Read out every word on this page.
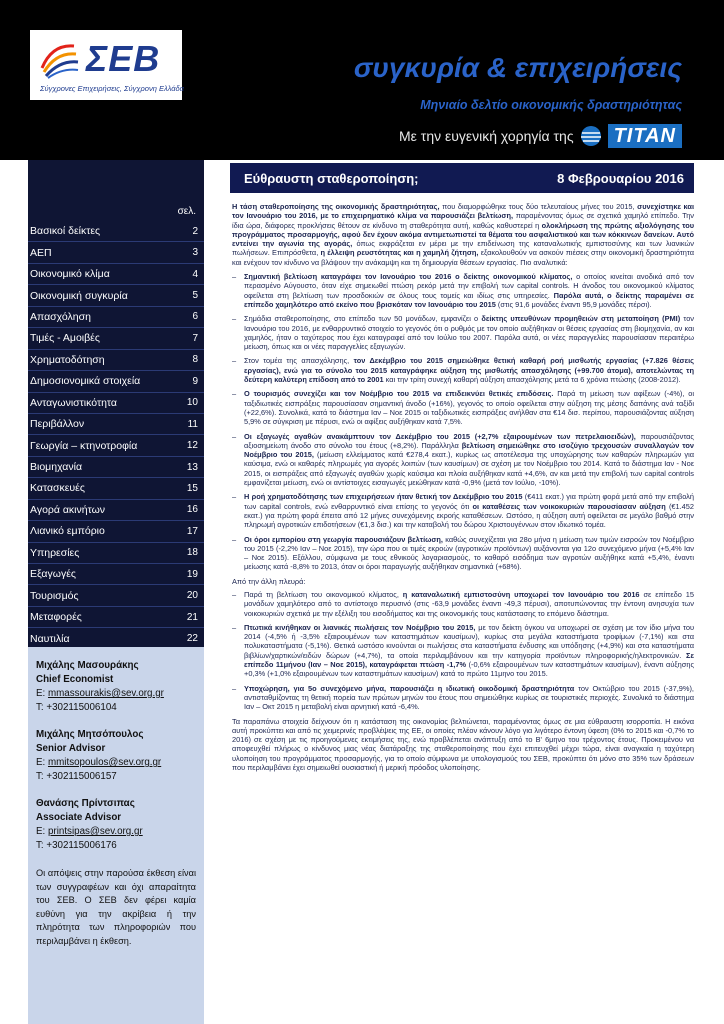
ΣΕΒ
Σύγχρονες Επιχειρήσεις, Σύγχρονη Ελλάδα
συγκυρία & επιχειρήσεις
Μηνιαίο δελτίο οικονομικής δραστηριότητας
Με την ευγενική χορηγία της	TITAN
σελ.
Βασικοί δείκτες	2
ΑΕΠ	3
Οικονομικό κλίμα	4
Οικονομική συγκυρία	5
Απασχόληση	6
Τιμές - Αμοιβές	7
Χρηματοδότηση	8
Δημοσιονομικά στοιχεία	9
Ανταγωνιστικότητα	10
Περιβάλλον	11
Γεωργία – κτηνοτροφία	12
Βιομηχανία	13
Κατασκευές	15
Αγορά ακινήτων	16
Λιανικό εμπόριο	17
Υπηρεσίες	18
Εξαγωγές	19
Τουρισμός	20
Μεταφορές	21
Ναυτιλία	22
Μιχάλης Μασουράκης
Chief Economist
E: mmassourakis@sev.org.gr
T: +302115006104
Μιχάλης Μητσόπουλος
Senior Advisor
E: mmitsopoulos@sev.org.gr
T: +302115006157
Θανάσης Πρίντσιπας
Associate Advisor
E: printsipas@sev.org.gr
T: +302115006176
Οι απόψεις στην παρούσα έκθεση είναι των συγγραφέων και όχι απαραίτητα του ΣΕΒ. Ο ΣΕΒ δεν φέρει καμία ευθύνη για την ακρίβεια ή την πληρότητα των πληροφοριών που περιλαμβάνει η έκθεση.
Εύθραυστη σταθεροποίηση;	8 Φεβρουαρίου 2016
Η τάση σταθεροποίησης της οικονομικής δραστηριότητας, που διαμορφώθηκε τους δύο τελευταίους μήνες του 2015, συνεχίστηκε και τον Ιανουάριο του 2016, με το επιχειρηματικό κλίμα να παρουσιάζει βελτίωση, παραμένοντας όμως σε σχετικά χαμηλό επίπεδο. Την ίδια ώρα, διάφορες προκλήσεις θέτουν σε κίνδυνο τη σταθερότητα αυτή, καθώς καθυστερεί η ολοκλήρωση της πρώτης αξιολόγησης του προγράμματος προσαρμογής, αφού δεν έχουν ακόμα αντιμετωπιστεί τα θέματα του ασφαλιστικού και των κόκκινων δανείων. Αυτό εντείνει την αγωνία της αγοράς, όπως εκφράζεται εν μέρει με την επιδείνωση της καταναλωτικής εμπιστοσύνης και των λιανικών πωλήσεων. Επιπρόσθετα, η έλλειψη ρευστότητας και η χαμηλή ζήτηση, εξακολουθούν να ασκούν πιέσεις στην οικονομική δραστηριότητα και ενέχουν τον κίνδυνο να βλάψουν την ανάκαμψη και τη δημιουργία θέσεων εργασίας. Πιο αναλυτικά:
– Σημαντική βελτίωση καταγράφει τον Ιανουάριο του 2016 ο δείκτης οικονομικού κλίματος, ο οποίος κινείται ανοδικά από τον περασμένο Αύγουστο, όταν είχε σημειωθεί πτώση ρεκόρ μετά την επιβολή των capital controls. Η άνοδος του οικονομικού κλίματος οφείλεται στη βελτίωση των προσδοκιών σε όλους τους τομείς και ιδίως στις υπηρεσίες. Παρόλα αυτά, ο δείκτης παραμένει σε επίπεδο χαμηλότερο από εκείνο που βρισκόταν τον Ιανουάριο του 2015 (στις 91,6 μονάδες έναντι 95,9 μονάδες πέρσι).
– Σημάδια σταθεροποίησης, στο επίπεδο των 50 μονάδων, εμφανίζει ο δείκτης υπευθύνων προμηθειών στη μεταποίηση (PMI) τον Ιανουάριο του 2016, με ενθαρρυντικό στοιχείο το γεγονός ότι ο ρυθμός με τον οποίο αυξήθηκαν οι θέσεις εργασίας στη βιομηχανία, αν και χαμηλός, ήταν ο ταχύτερος που έχει καταγραφεί από τον Ιούλιο του 2007. Παρόλα αυτά, οι νέες παραγγελίες παρουσίασαν περαιτέρω μείωση, όπως και οι νέες παραγγελίες εξαγωγών.
– Στον τομέα της απασχόλησης, τον Δεκέμβριο του 2015 σημειώθηκε θετική καθαρή ροή μισθωτής εργασίας (+7.826 θέσεις εργασίας), ενώ για το σύνολο του 2015 καταγράφηκε αύξηση της μισθωτής απασχόλησης (+99.700 άτομα), αποτελώντας τη δεύτερη καλύτερη επίδοση από το 2001 και την τρίτη συνεχή καθαρή αύξηση απασχόλησης μετά τα 6 χρόνια πτώσης (2008-2012).
– Ο τουρισμός συνεχίζει και τον Νοέμβριο του 2015 να επιδεικνύει θετικές επιδόσεις. Παρά τη μείωση των αφίξεων (-4%), οι ταξιδιωτικές εισπράξεις παρουσίασαν σημαντική άνοδο (+16%), γεγονός το οποίο οφείλεται στην αύξηση της μέσης δαπάνης ανά ταξίδι (+22,6%). Συνολικά, κατά το διάστημα Ιαν – Νοε 2015 οι ταξιδιωτικές εισπράξεις ανήλθαν στα €14 δισ. περίπου, παρουσιάζοντας αύξηση 5,9% σε σύγκριση με πέρυσι, ενώ οι αφίξεις αυξήθηκαν κατά 7,5%.
– Οι εξαγωγές αγαθών ανακάμπτουν τον Δεκέμβριο του 2015 (+2,7% εξαιρουμένων των πετρελαιοειδών), παρουσιάζοντας αξιοσημείωτη άνοδο στο σύνολο του έτους (+8,2%). Παράλληλα βελτίωση σημειώθηκε στο ισοζύγιο τρεχουσών συναλλαγών τον Νοέμβριο του 2015, (μείωση ελλείμματος κατά €278,4 εκατ.), κυρίως ως αποτέλεσμα της υποχώρησης των καθαρών πληρωμών για καύσιμα, ενώ οι καθαρές πληρωμές για αγορές λοιπών (των καυσίμων) σε σχέση με τον Νοέμβριο του 2014. Κατά το διάστημα Ιαν - Νοε 2015, οι εισπράξεις από εξαγωγές αγαθών χωρίς καύσιμα και πλοία αυξήθηκαν κατά +4,6%, αν και μετά την επιβολή των capital controls εμφανίζεται μείωση, ενώ οι αντίστοιχες εισαγωγές μειώθηκαν κατά -0,9% (μετά τον Ιούλιο, -10%).
– Η ροή χρηματοδότησης των επιχειρήσεων ήταν θετική τον Δεκέμβριο του 2015 (€411 εκατ.) για πρώτη φορά μετά από την επιβολή των capital controls, ενώ ενθαρρυντικό είναι επίσης το γεγονός ότι οι καταθέσεις των νοικοκυριών παρουσίασαν αύξηση (€1.452 εκατ.) για πρώτη φορά έπειτα από 12 μήνες συνεχόμενης εκροής καταθέσεων. Ωστόσο, η αύξηση αυτή οφείλεται σε μεγάλο βαθμό στην πληρωμή αγροτικών επιδοτήσεων (€1,3 δισ.) και την καταβολή του δώρου Χριστουγέννων στον ιδιωτικό τομέα.
– Οι όροι εμπορίου στη γεωργία παρουσιάζουν βελτίωση, καθώς συνεχίζεται για 28ο μήνα η μείωση των τιμών εισροών τον Νοέμβριο του 2015 (-2,2% Ιαν – Νοε 2015), την ώρα που οι τιμές εκροών (αγροτικών προϊόντων) αυξάνονται για 12ο συνεχόμενο μήνα (+5,4% Ιαν – Νοε 2015). Εξάλλου, σύμφωνα με τους εθνικούς λογαριασμούς, το καθαρό εισόδημα των αγροτών αυξήθηκε κατά +5,4%, έναντι μείωσης κατά -8,8% το 2013, όταν οι όροι παραγωγής αυξήθηκαν σημαντικά (+68%).
Από την άλλη πλευρά:
– Παρά τη βελτίωση του οικονομικού κλίματος, η καταναλωτική εμπιστοσύνη υποχωρεί τον Ιανουάριο του 2016 σε επίπεδο 15 μονάδων χαμηλότερο από το αντίστοιχο περυσινό (στις -63,9 μονάδες έναντι -49,3 πέρυσι), αποτυπώνοντας την έντονη ανησυχία των νοικοκυριών σχετικά με την εξέλιξη του εισοδήματος και της οικονομικής τους κατάστασης το επόμενο διάστημα.
– Πτωτικά κινήθηκαν οι λιανικές πωλήσεις τον Νοέμβριο του 2015, με τον δείκτη όγκου να υποχωρεί σε σχέση με τον ίδιο μήνα του 2014 (-4,5% ή -3,5% εξαιρουμένων των καταστημάτων καυσίμων), κυρίως στα μεγάλα καταστήματα τροφίμων (-7,1%) και στα πολυκαταστήματα (-5,1%). Θετικά ωστόσο κινούνται οι πωλήσεις στα καταστήματα ένδυσης και υπόδησης (+4,9%) και στα καταστήματα βιβλίων/χαρτικών/ειδών δώρων (+4,7%), τα οποία περιλαμβάνουν και την κατηγορία προϊόντων πληροφορικής/ηλεκτρονικών. Σε επίπεδο 11μήνου (Ιαν – Νοε 2015), καταγράφεται πτώση -1,7% (-0,6% εξαιρουμένων των καταστημάτων καυσίμων), έναντι αύξησης +0,3% (+1,0% εξαιρουμένων των καταστημάτων καυσίμων) κατά το πρώτο 11μηνο του 2015.
– Υποχώρηση, για 5ο συνεχόμενο μήνα, παρουσιάζει η ιδιωτική οικοδομική δραστηριότητα τον Οκτώβριο του 2015 (-37,9%), αντισταθμίζοντας τη θετική πορεία των πρώτων μηνών του έτους που σημειώθηκε κυρίως σε τουριστικές περιοχές. Συνολικά το διάστημα Ιαν – Οκτ 2015 η μεταβολή είναι αρνητική κατά -6,4%.
Τα παραπάνω στοιχεία δείχνουν ότι η κατάσταση της οικονομίας βελτιώνεται, παραμένοντας όμως σε μια εύθραυστη ισορροπία. Η εικόνα αυτή προκύπτει και από τις χειμερινές προβλέψεις της ΕΕ, οι οποίες πλέον κάνουν λόγο για λιγότερο έντονη ύφεση (0% το 2015 και -0,7% το 2016) σε σχέση με τις προηγούμενες εκτιμήσεις της, ενώ προβλέπεται ανάπτυξη από το Β' 6μηνο του τρέχοντος έτους. Προκειμένου να αποφευχθεί πλήρως ο κίνδυνος μιας νέας διατάραξης της σταθεροποίησης που έχει επιτευχθεί μέχρι τώρα, είναι αναγκαία η ταχύτερη υλοποίηση του προγράμματος προσαρμογής, για το οποίο σύμφωνα με υπολογισμούς του ΣΕΒ, προκύπτει ότι μόνο στο 35% των δράσεων που περιλαμβάνει έχει σημειωθεί ουσιαστική ή μερική πρόοδος υλοποίησης.
